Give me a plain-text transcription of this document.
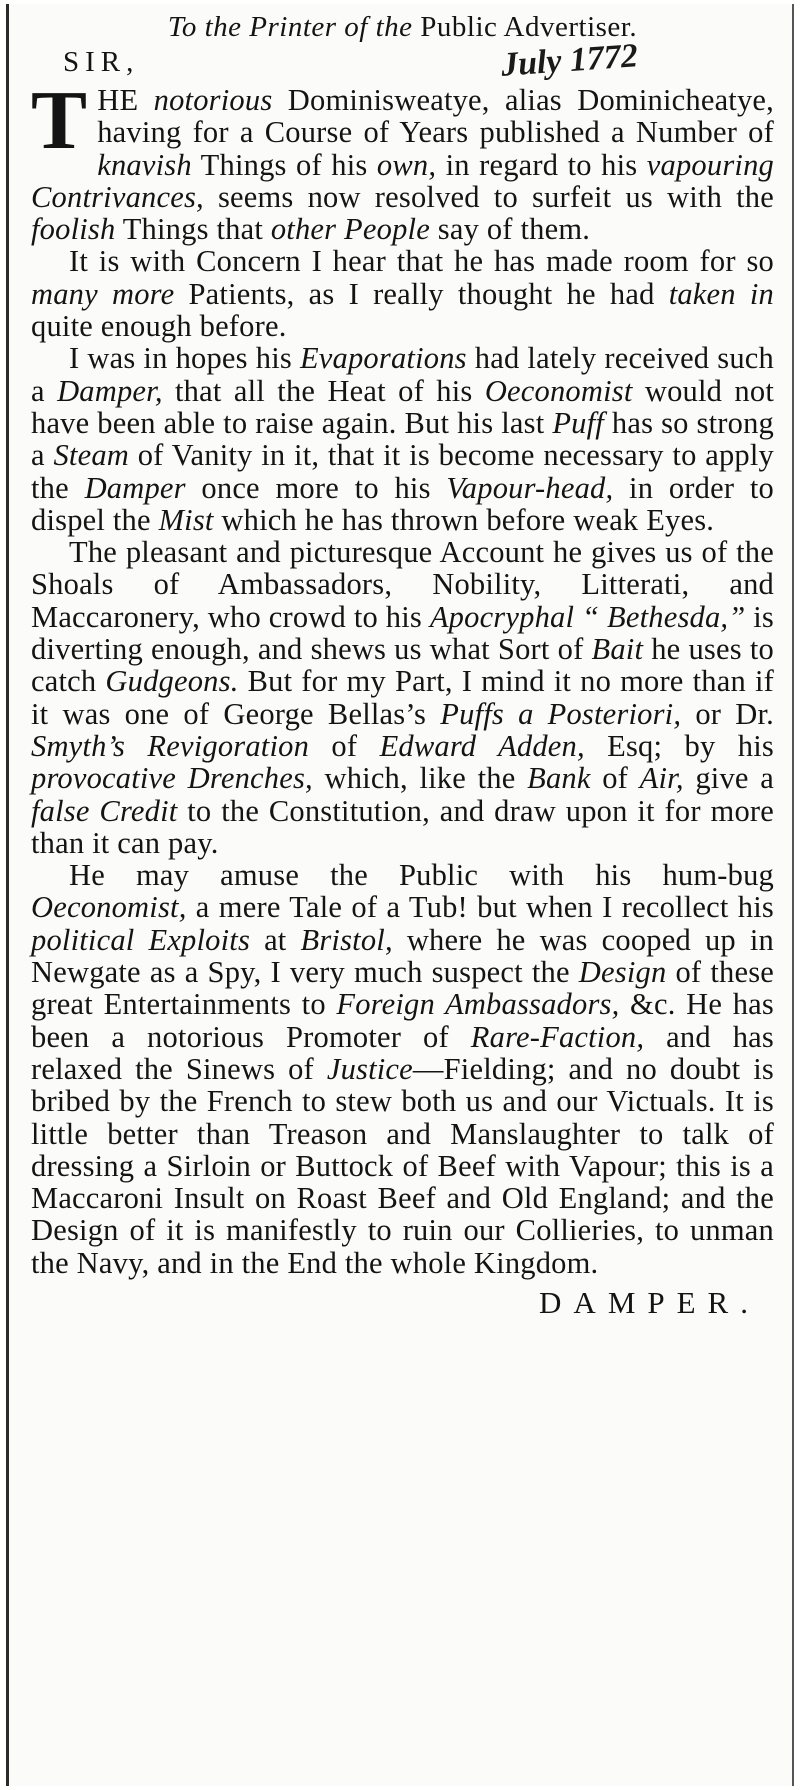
To the Printer of the Public Advertiser.
SIR,	July 1772

THE notorious Dominisweatye, alias Dominicheatye, having for a Course of Years published a Number of knavish Things of his own, in regard to his vapouring Contrivances, seems now resolved to surfeit us with the foolish Things that other People say of them.

It is with Concern I hear that he has made room for so many more Patients, as I really thought he had taken in quite enough before.

I was in hopes his Evaporations had lately received such a Damper, that all the Heat of his Oeconomist would not have been able to raise again. But his last Puff has so strong a Steam of Vanity in it, that it is become necessary to apply the Damper once more to his Vapour-head, in order to dispel the Mist which he has thrown before weak Eyes.

The pleasant and picturesque Account he gives us of the Shoals of Ambassadors, Nobility, Litterati, and Maccaronery, who crowd to his Apocryphal “ Bethesda,” is diverting enough, and shews us what Sort of Bait he uses to catch Gudgeons. But for my Part, I mind it no more than if it was one of George Bellas’s Puffs a Posteriori, or Dr. Smyth’s Revigoration of Edward Adden, Esq; by his provocative Drenches, which, like the Bank of Air, give a false Credit to the Constitution, and draw upon it for more than it can pay.

He may amuse the Public with his hum-bug Oeconomist, a mere Tale of a Tub! but when I recollect his political Exploits at Bristol, where he was cooped up in Newgate as a Spy, I very much suspect the Design of these great Entertainments to Foreign Ambassadors, &c. He has been a notorious Promoter of Rare-Faction, and has relaxed the Sinews of Justice—Fielding; and no doubt is bribed by the French to stew both us and our Victuals. It is little better than Treason and Manslaughter to talk of dressing a Sirloin or Buttock of Beef with Vapour; this is a Maccaroni Insult on Roast Beef and Old England; and the Design of it is manifestly to ruin our Collieries, to unman the Navy, and in the End the whole Kingdom.

DAMPER.
